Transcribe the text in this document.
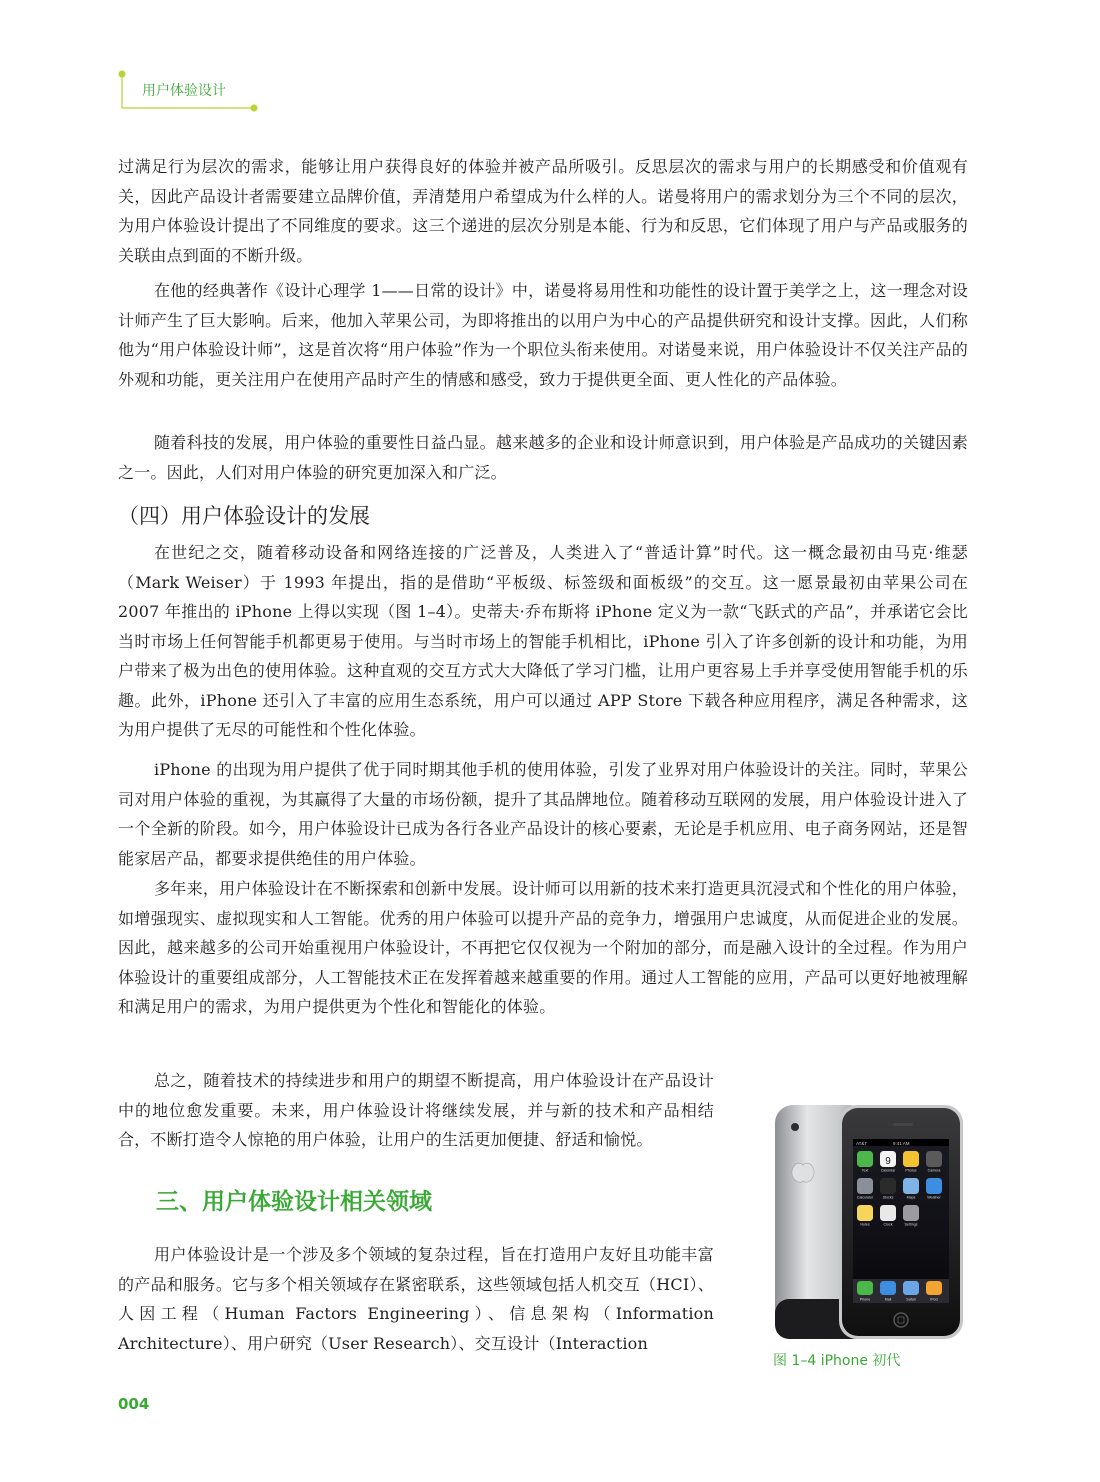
用户体验设计

过满足行为层次的需求，能够让用户获得良好的体验并被产品所吸引。反思层次的需求与用户的长期感受和价值观有关，因此产品设计者需要建立品牌价值，弄清楚用户希望成为什么样的人。诺曼将用户的需求划分为三个不同的层次，为用户体验设计提出了不同维度的要求。这三个递进的层次分别是本能、行为和反思，它们体现了用户与产品或服务的关联由点到面的不断升级。

在他的经典著作《设计心理学 1——日常的设计》中，诺曼将易用性和功能性的设计置于美学之上，这一理念对设计师产生了巨大影响。后来，他加入苹果公司，为即将推出的以用户为中心的产品提供研究和设计支撑。因此，人们称他为“用户体验设计师”，这是首次将“用户体验”作为一个职位头衔来使用。对诺曼来说，用户体验设计不仅关注产品的外观和功能，更关注用户在使用产品时产生的情感和感受，致力于提供更全面、更人性化的产品体验。

随着科技的发展，用户体验的重要性日益凸显。越来越多的企业和设计师意识到，用户体验是产品成功的关键因素之一。因此，人们对用户体验的研究更加深入和广泛。

（四）用户体验设计的发展

在世纪之交，随着移动设备和网络连接的广泛普及，人类进入了“普适计算”时代。这一概念最初由马克·维瑟（Mark Weiser）于 1993 年提出，指的是借助“平板级、标签级和面板级”的交互。这一愿景最初由苹果公司在 2007 年推出的 iPhone 上得以实现（图 1–4）。史蒂夫·乔布斯将 iPhone 定义为一款“飞跃式的产品”，并承诺它会比当时市场上任何智能手机都更易于使用。与当时市场上的智能手机相比，iPhone 引入了许多创新的设计和功能，为用户带来了极为出色的使用体验。这种直观的交互方式大大降低了学习门槛，让用户更容易上手并享受使用智能手机的乐趣。此外，iPhone 还引入了丰富的应用生态系统，用户可以通过 APP Store 下载各种应用程序，满足各种需求，这为用户提供了无尽的可能性和个性化体验。

iPhone 的出现为用户提供了优于同时期其他手机的使用体验，引发了业界对用户体验设计的关注。同时，苹果公司对用户体验的重视，为其赢得了大量的市场份额，提升了其品牌地位。随着移动互联网的发展，用户体验设计进入了一个全新的阶段。如今，用户体验设计已成为各行各业产品设计的核心要素，无论是手机应用、电子商务网站，还是智能家居产品，都要求提供绝佳的用户体验。

多年来，用户体验设计在不断探索和创新中发展。设计师可以用新的技术来打造更具沉浸式和个性化的用户体验，如增强现实、虚拟现实和人工智能。优秀的用户体验可以提升产品的竞争力，增强用户忠诚度，从而促进企业的发展。因此，越来越多的公司开始重视用户体验设计，不再把它仅仅视为一个附加的部分，而是融入设计的全过程。作为用户体验设计的重要组成部分，人工智能技术正在发挥着越来越重要的作用。通过人工智能的应用，产品可以更好地被理解和满足用户的需求，为用户提供更为个性化和智能化的体验。

总之，随着技术的持续进步和用户的期望不断提高，用户体验设计在产品设计中的地位愈发重要。未来，用户体验设计将继续发展，并与新的技术和产品相结合，不断打造令人惊艳的用户体验，让用户的生活更加便捷、舒适和愉悦。

三、用户体验设计相关领域

用户体验设计是一个涉及多个领域的复杂过程，旨在打造用户友好且功能丰富的产品和服务。它与多个相关领域存在紧密联系，这些领域包括人机交互（HCI）、人因工程（Human Factors Engineering）、信息架构（Information Architecture）、用户研究（User Research）、交互设计（Interaction

AT&T	9:41 AM
Text
9
Calendar	Photos	Camera
Calculator	Stocks	Maps	Weather
Notes	Clock	Settings
Phone	Mail	Safari	iPod
图 1–4 iPhone 初代
004
